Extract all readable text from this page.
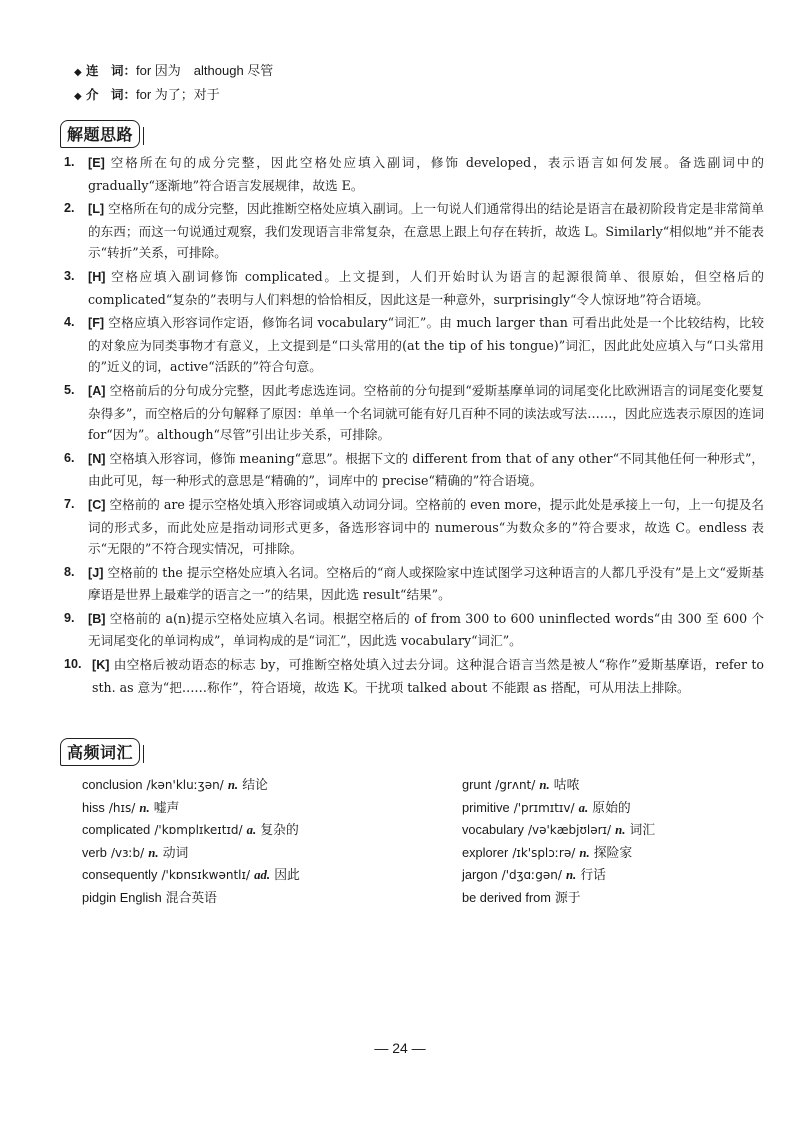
◆ 连　词： for 因为　although 尽管
◆ 介　词： for 为了；对于
解题思路
1.	[E] 空格所在句的成分完整，因此空格处应填入副词，修饰 developed，表示语言如何发展。备选副词中的 gradually“逐渐地”符合语言发展规律，故选 E。
2.	[L] 空格所在句的成分完整，因此推断空格处应填入副词。上一句说人们通常得出的结论是语言在最初阶段肯定是非常简单的东西；而这一句说通过观察，我们发现语言非常复杂，在意思上跟上句存在转折，故选 L。Similarly“相似地”并不能表示“转折”关系，可排除。
3.	[H] 空格应填入副词修饰 complicated。上文提到，人们开始时认为语言的起源很简单、很原始，但空格后的 complicated“复杂的”表明与人们料想的恰恰相反，因此这是一种意外，surprisingly“令人惊讶地”符合语境。
4.	[F] 空格应填入形容词作定语，修饰名词 vocabulary“词汇”。由 much larger than 可看出此处是一个比较结构，比较的对象应为同类事物才有意义，上文提到是“口头常用的(at the tip of his tongue)”词汇，因此此处应填入与“口头常用的”近义的词，active“活跃的”符合句意。
5.	[A] 空格前后的分句成分完整，因此考虑选连词。空格前的分句提到“爱斯基摩单词的词尾变化比欧洲语言的词尾变化要复杂得多”，而空格后的分句解释了原因：单单一个名词就可能有好几百种不同的读法或写法……，因此应选表示原因的连词 for“因为”。although“尽管”引出让步关系，可排除。
6.	[N] 空格填入形容词，修饰 meaning“意思”。根据下文的 different from that of any other“不同其他任何一种形式”，由此可见，每一种形式的意思是“精确的”，词库中的 precise“精确的”符合语境。
7.	[C] 空格前的 are 提示空格处填入形容词或填入动词分词。空格前的 even more，提示此处是承接上一句，上一句提及名词的形式多，而此处应是指动词形式更多，备选形容词中的 numerous“为数众多的”符合要求，故选 C。endless 表示“无限的”不符合现实情况，可排除。
8.	[J] 空格前的 the 提示空格处应填入名词。空格后的“商人或探险家中连试图学习这种语言的人都几乎没有”是上文“爱斯基摩语是世界上最难学的语言之一”的结果，因此选 result“结果”。
9.	[B] 空格前的 a(n)提示空格处应填入名词。根据空格后的 of from 300 to 600 uninflected words“由 300 至 600 个无词尾变化的单词构成”，单词构成的是“词汇”，因此选 vocabulary“词汇”。
10. [K] 由空格后被动语态的标志 by，可推断空格处填入过去分词。这种混合语言当然是被人“称作”爱斯基摩语，refer to sth. as 意为“把……称作”，符合语境，故选 K。干扰项 talked about 不能跟 as 搭配，可从用法上排除。
高频词汇
conclusion /kən'kluːʒən/ n. 结论
hiss /hɪs/ n. 嘘声
complicated /'kɒmplɪkeɪtɪd/ a. 复杂的
verb /vɜːb/ n. 动词
consequently /'kɒnsɪkwəntlɪ/ ad. 因此
pidgin English 混合英语
grunt /grʌnt/ n. 咕哝
primitive /'prɪmɪtɪv/ a. 原始的
vocabulary /və'kæbjʊlərɪ/ n. 词汇
explorer /ɪk'splɔːrə/ n. 探险家
jargon /'dʒɑːgən/ n. 行话
be derived from 源于
— 24 —
